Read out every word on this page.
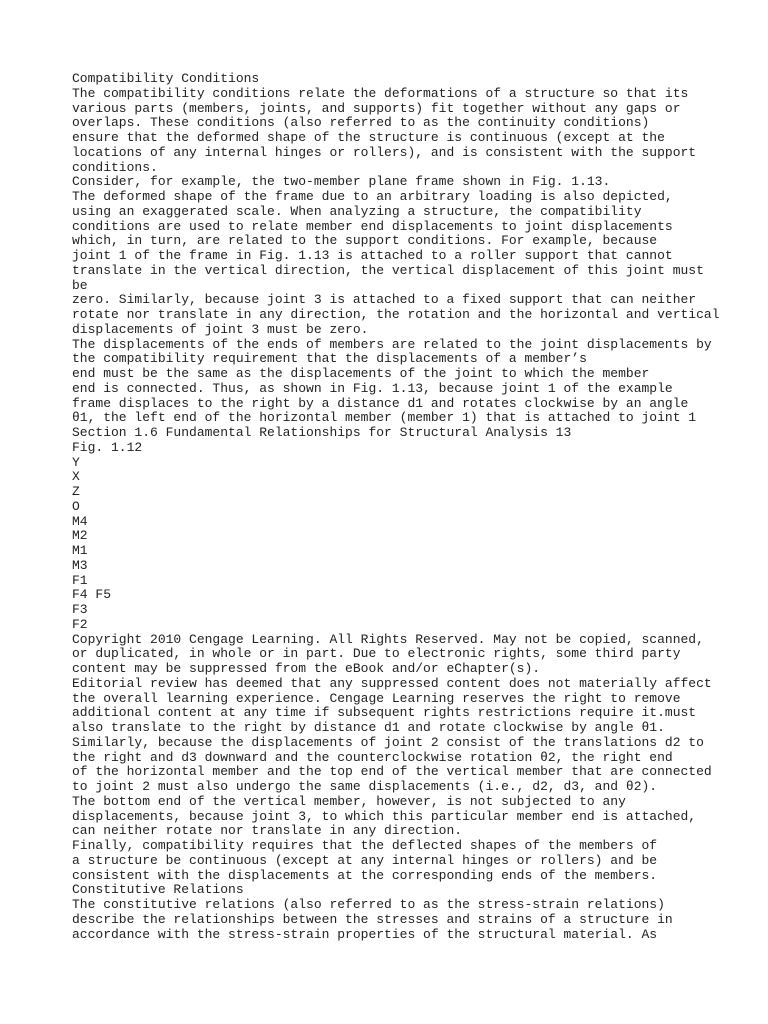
Compatibility Conditions
The compatibility conditions relate the deformations of a structure so that its
various parts (members, joints, and supports) fit together without any gaps or
overlaps. These conditions (also referred to as the continuity conditions)
ensure that the deformed shape of the structure is continuous (except at the
locations of any internal hinges or rollers), and is consistent with the support
conditions.
Consider, for example, the two-member plane frame shown in Fig. 1.13.
The deformed shape of the frame due to an arbitrary loading is also depicted,
using an exaggerated scale. When analyzing a structure, the compatibility
conditions are used to relate member end displacements to joint displacements
which, in turn, are related to the support conditions. For example, because
joint 1 of the frame in Fig. 1.13 is attached to a roller support that cannot
translate in the vertical direction, the vertical displacement of this joint must
be
zero. Similarly, because joint 3 is attached to a fixed support that can neither
rotate nor translate in any direction, the rotation and the horizontal and vertical
displacements of joint 3 must be zero.
The displacements of the ends of members are related to the joint displacements by
the compatibility requirement that the displacements of a member’s
end must be the same as the displacements of the joint to which the member
end is connected. Thus, as shown in Fig. 1.13, because joint 1 of the example
frame displaces to the right by a distance d1 and rotates clockwise by an angle
θ1, the left end of the horizontal member (member 1) that is attached to joint 1
Section 1.6 Fundamental Relationships for Structural Analysis 13
Fig. 1.12
Y
X
Z
O
M4
M2
M1
M3
F1
F4 F5
F3
F2
Copyright 2010 Cengage Learning. All Rights Reserved. May not be copied, scanned,
or duplicated, in whole or in part. Due to electronic rights, some third party
content may be suppressed from the eBook and/or eChapter(s).
Editorial review has deemed that any suppressed content does not materially affect
the overall learning experience. Cengage Learning reserves the right to remove
additional content at any time if subsequent rights restrictions require it.must
also translate to the right by distance d1 and rotate clockwise by angle θ1.
Similarly, because the displacements of joint 2 consist of the translations d2 to
the right and d3 downward and the counterclockwise rotation θ2, the right end
of the horizontal member and the top end of the vertical member that are connected
to joint 2 must also undergo the same displacements (i.e., d2, d3, and θ2).
The bottom end of the vertical member, however, is not subjected to any
displacements, because joint 3, to which this particular member end is attached,
can neither rotate nor translate in any direction.
Finally, compatibility requires that the deflected shapes of the members of
a structure be continuous (except at any internal hinges or rollers) and be
consistent with the displacements at the corresponding ends of the members.
Constitutive Relations
The constitutive relations (also referred to as the stress-strain relations)
describe the relationships between the stresses and strains of a structure in
accordance with the stress-strain properties of the structural material. As
